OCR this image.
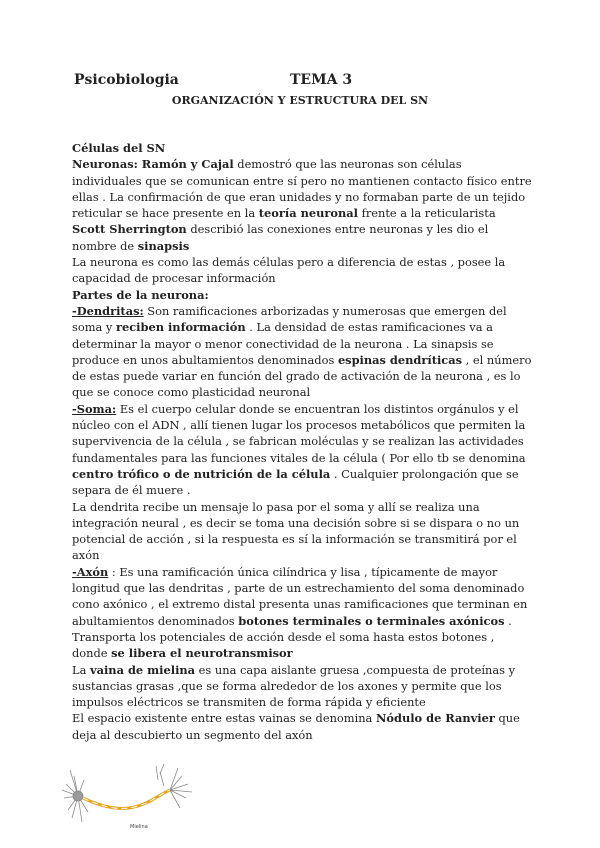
Psicobiologia	TEMA 3
ORGANIZACIÓN Y ESTRUCTURA DEL SN

Células del SN

Neuronas: Ramón y Cajal demostró que las neuronas son células individuales que se comunican entre sí pero no mantienen contacto físico entre ellas . La confirmación de que eran unidades y no formaban parte de un tejido reticular se hace presente en la teoría neuronal frente a la reticularista

Scott Sherrington describió las conexiones entre neuronas y les dio el nombre de sinapsis

La neurona es como las demás células pero a diferencia de estas , posee la capacidad de procesar información

Partes de la neurona:

-Dendritas: Son ramificaciones arborizadas y numerosas que emergen del soma y reciben información . La densidad de estas ramificaciones va a determinar la mayor o menor conectividad de la neurona . La sinapsis se produce en unos abultamientos denominados espinas dendríticas , el número de estas puede variar en función del grado de activación de la neurona , es lo que se conoce como plasticidad neuronal

-Soma: Es el cuerpo celular donde se encuentran los distintos orgánulos y el núcleo con el ADN , allí tienen lugar los procesos metabólicos que permiten la supervivencia de la célula , se fabrican moléculas y se realizan las actividades fundamentales para las funciones vitales de la célula ( Por ello tb se denomina centro trófico o de nutrición de la célula . Cualquier prolongación que se separa de él muere .

La dendrita recibe un mensaje lo pasa por el soma y allí se realiza una integración neural , es decir se toma una decisión sobre si se dispara o no un potencial de acción , si la respuesta es sí la información se transmitirá por el axón

-Axón : Es una ramificación única cilíndrica y lisa , típicamente de mayor longitud que las dendritas , parte de un estrechamiento del soma denominado cono axónico , el extremo distal presenta unas ramificaciones que terminan en abultamientos denominados botones terminales o terminales axónicos . Transporta los potenciales de acción desde el soma hasta estos botones , donde se libera el neurotransmisor

La vaina de mielina es una capa aislante gruesa ,compuesta de proteínas y sustancias grasas ,que se forma alrededor de los axones y permite que los impulsos eléctricos se transmiten de forma rápida y eficiente

El espacio existente entre estas vainas se denomina Nódulo de Ranvier que deja al descubierto un segmento del axón

Mielina
